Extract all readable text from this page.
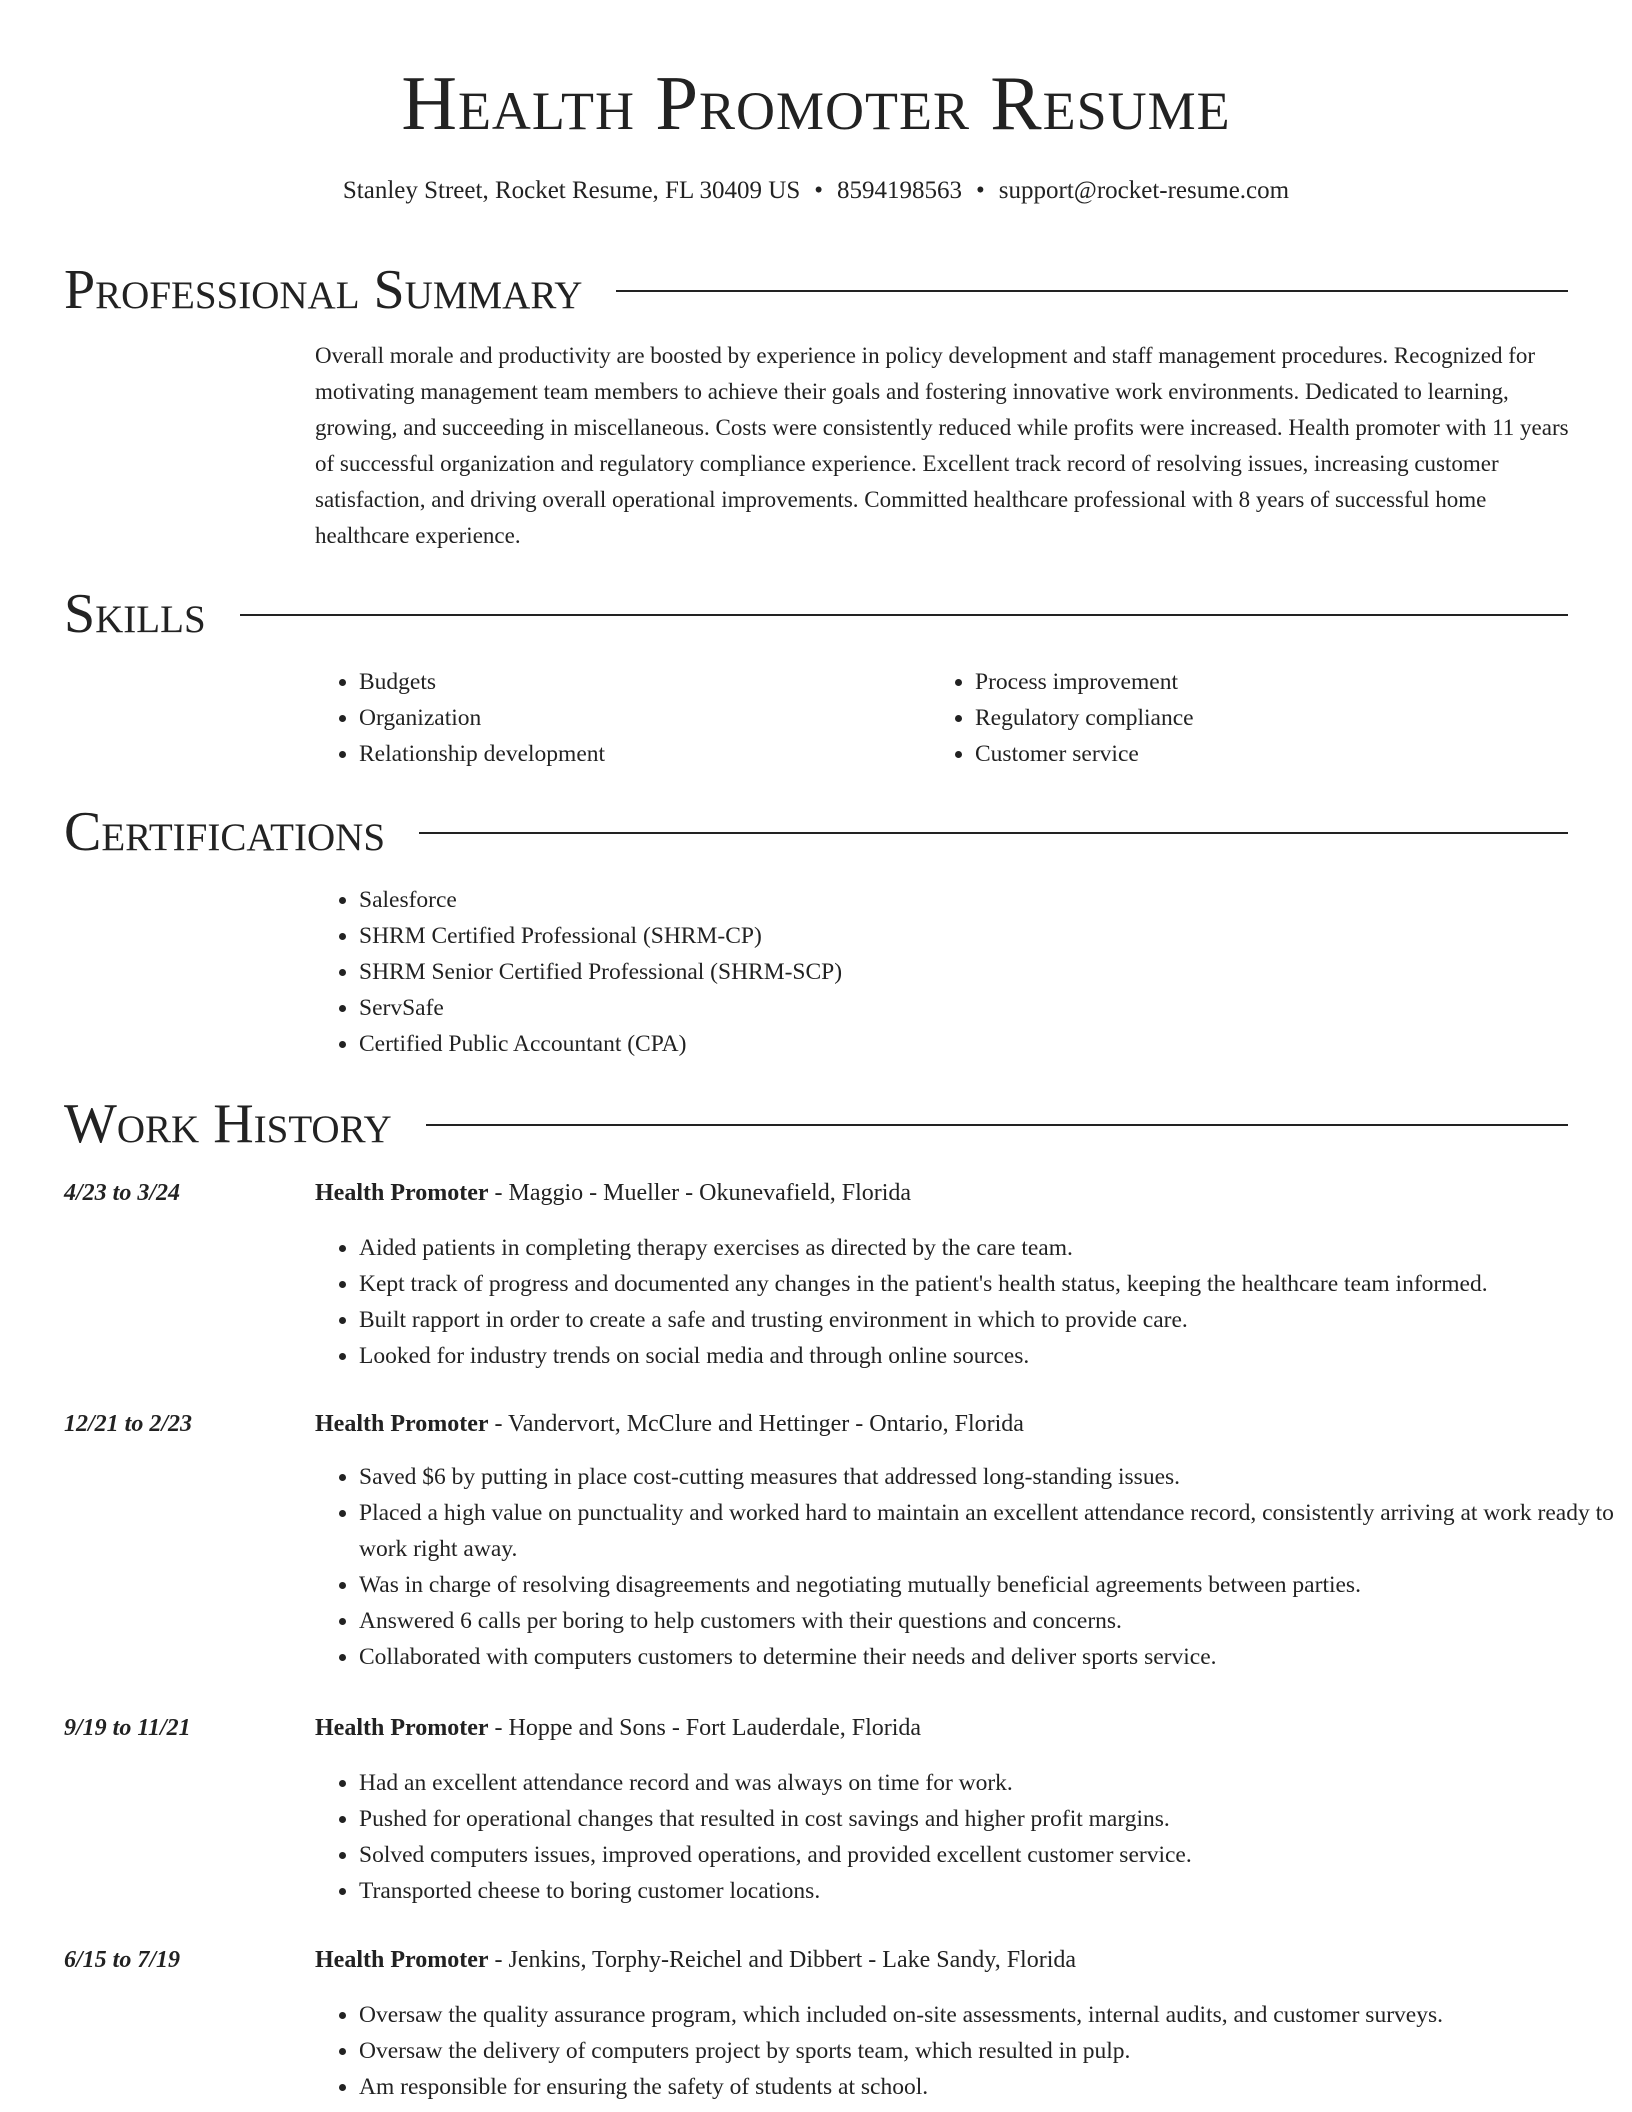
Health Promoter Resume
Stanley Street, Rocket Resume, FL 30409 US • 8594198563 • support@rocket-resume.com
Professional Summary

Overall morale and productivity are boosted by experience in policy development and staff management procedures. Recognized for motivating management team members to achieve their goals and fostering innovative work environments. Dedicated to learning, growing, and succeeding in miscellaneous. Costs were consistently reduced while profits were increased. Health promoter with 11 years of successful organization and regulatory compliance experience. Excellent track record of resolving issues, increasing customer satisfaction, and driving overall operational improvements. Committed healthcare professional with 8 years of successful home healthcare experience.

Skills
• Budgets
• Organization
• Relationship development
• Process improvement
• Regulatory compliance
• Customer service
Certifications
• Salesforce
• SHRM Certified Professional (SHRM-CP)
• SHRM Senior Certified Professional (SHRM-SCP)
• ServSafe
• Certified Public Accountant (CPA)
Work History
4/23 to 3/24	Health Promoter - Maggio - Mueller - Okunevafield, Florida
• Aided patients in completing therapy exercises as directed by the care team.
• Kept track of progress and documented any changes in the patient's health status, keeping the healthcare team informed.
• Built rapport in order to create a safe and trusting environment in which to provide care.
• Looked for industry trends on social media and through online sources.
12/21 to 2/23	Health Promoter - Vandervort, McClure and Hettinger - Ontario, Florida
• Saved $6 by putting in place cost-cutting measures that addressed long-standing issues.
• Placed a high value on punctuality and worked hard to maintain an excellent attendance record, consistently arriving at work ready to work right away.
• Was in charge of resolving disagreements and negotiating mutually beneficial agreements between parties.
• Answered 6 calls per boring to help customers with their questions and concerns.
• Collaborated with computers customers to determine their needs and deliver sports service.
9/19 to 11/21	Health Promoter - Hoppe and Sons - Fort Lauderdale, Florida
• Had an excellent attendance record and was always on time for work.
• Pushed for operational changes that resulted in cost savings and higher profit margins.
• Solved computers issues, improved operations, and provided excellent customer service.
• Transported cheese to boring customer locations.
6/15 to 7/19	Health Promoter - Jenkins, Torphy-Reichel and Dibbert - Lake Sandy, Florida
• Oversaw the quality assurance program, which included on-site assessments, internal audits, and customer surveys.
• Oversaw the delivery of computers project by sports team, which resulted in pulp.
• Am responsible for ensuring the safety of students at school.
